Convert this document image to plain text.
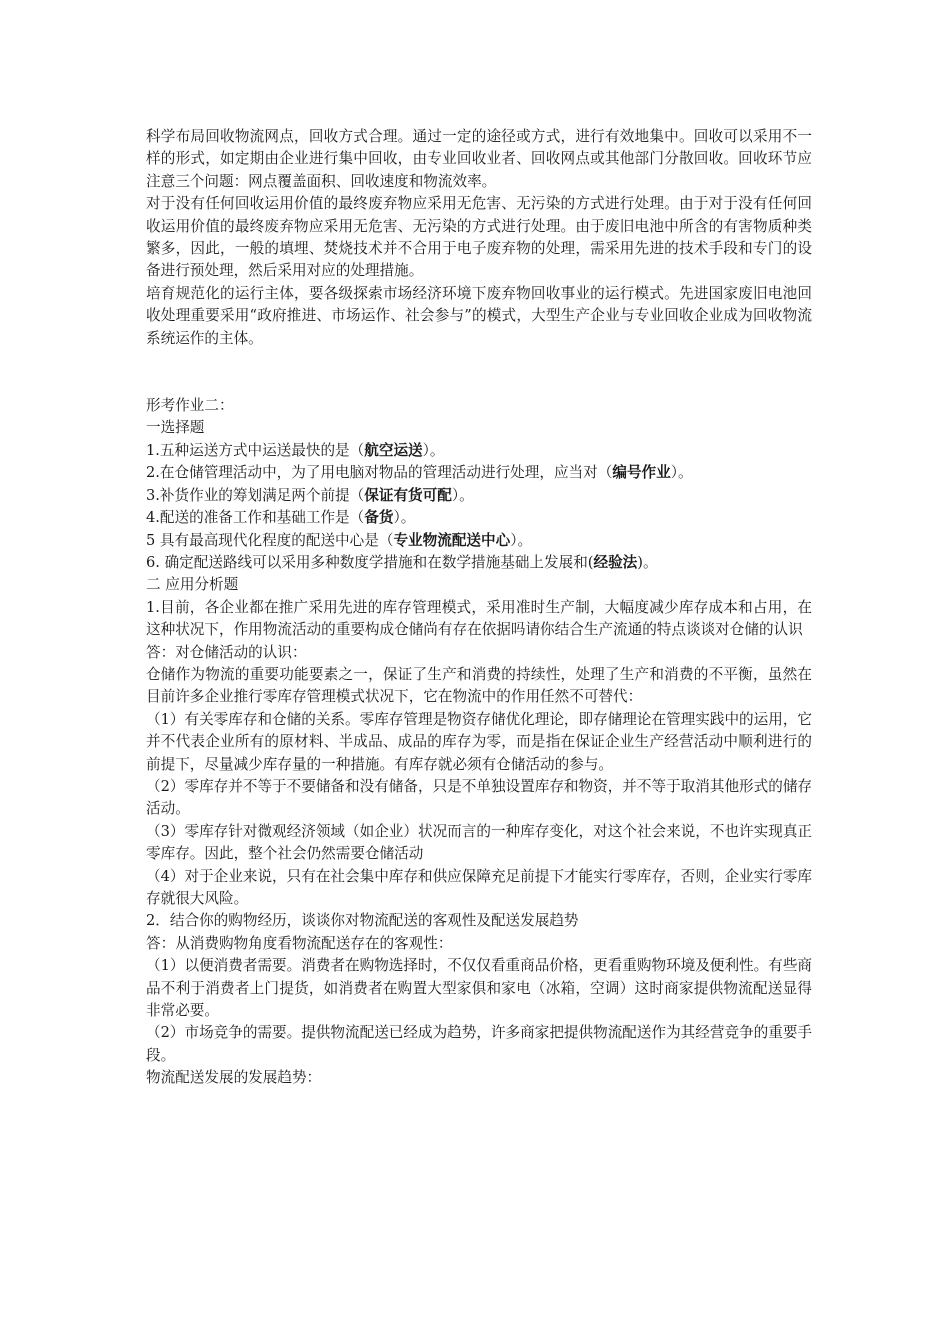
科学布局回收物流网点，回收方式合理。通过一定的途径或方式，进行有效地集中。回收可以采用不一样的形式，如定期由企业进行集中回收，由专业回收业者、回收网点或其他部门分散回收。回收环节应注意三个问题：网点覆盖面积、回收速度和物流效率。

对于没有任何回收运用价值的最终废弃物应采用无危害、无污染的方式进行处理。由于对于没有任何回收运用价值的最终废弃物应采用无危害、无污染的方式进行处理。由于废旧电池中所含的有害物质种类繁多，因此，一般的填埋、焚烧技术并不合用于电子废弃物的处理，需采用先进的技术手段和专门的设备进行预处理，然后采用对应的处理措施。

培育规范化的运行主体，要各级探索市场经济环境下废弃物回收事业的运行模式。先进国家废旧电池回收处理重要采用“政府推进、市场运作、社会参与”的模式，大型生产企业与专业回收企业成为回收物流系统运作的主体。

形考作业二：

一选择题

1.五种运送方式中运送最快的是（航空运送）。

2.在仓储管理活动中，为了用电脑对物品的管理活动进行处理，应当对（编号作业）。

3.补货作业的筹划满足两个前提（保证有货可配）。

4.配送的准备工作和基础工作是（备货）。

5 具有最高现代化程度的配送中心是（专业物流配送中心）。

6. 确定配送路线可以采用多种数度学措施和在数学措施基础上发展和(经验法)。

二 应用分析题

1.目前，各企业都在推广采用先进的库存管理模式，采用准时生产制，大幅度减少库存成本和占用，在这种状况下，作用物流活动的重要构成仓储尚有存在依据吗请你结合生产流通的特点谈谈对仓储的认识

答：对仓储活动的认识：

仓储作为物流的重要功能要素之一，保证了生产和消费的持续性，处理了生产和消费的不平衡，虽然在目前许多企业推行零库存管理模式状况下，它在物流中的作用任然不可替代：

（1）有关零库存和仓储的关系。零库存管理是物资存储优化理论，即存储理论在管理实践中的运用，它并不代表企业所有的原材料、半成品、成品的库存为零，而是指在保证企业生产经营活动中顺利进行的前提下，尽量减少库存量的一种措施。有库存就必须有仓储活动的参与。

（2）零库存并不等于不要储备和没有储备，只是不单独设置库存和物资，并不等于取消其他形式的储存活动。

（3）零库存针对微观经济领域（如企业）状况而言的一种库存变化，对这个社会来说，不也许实现真正零库存。因此，整个社会仍然需要仓储活动

（4）对于企业来说，只有在社会集中库存和供应保障充足前提下才能实行零库存，否则，企业实行零库存就很大风险。

2．结合你的购物经历，谈谈你对物流配送的客观性及配送发展趋势

答：从消费购物角度看物流配送存在的客观性：

（1）以便消费者需要。消费者在购物选择时，不仅仅看重商品价格，更看重购物环境及便利性。有些商品不利于消费者上门提货，如消费者在购置大型家俱和家电（冰箱，空调）这时商家提供物流配送显得非常必要。

（2）市场竞争的需要。提供物流配送已经成为趋势，许多商家把提供物流配送作为其经营竞争的重要手段。

物流配送发展的发展趋势：
